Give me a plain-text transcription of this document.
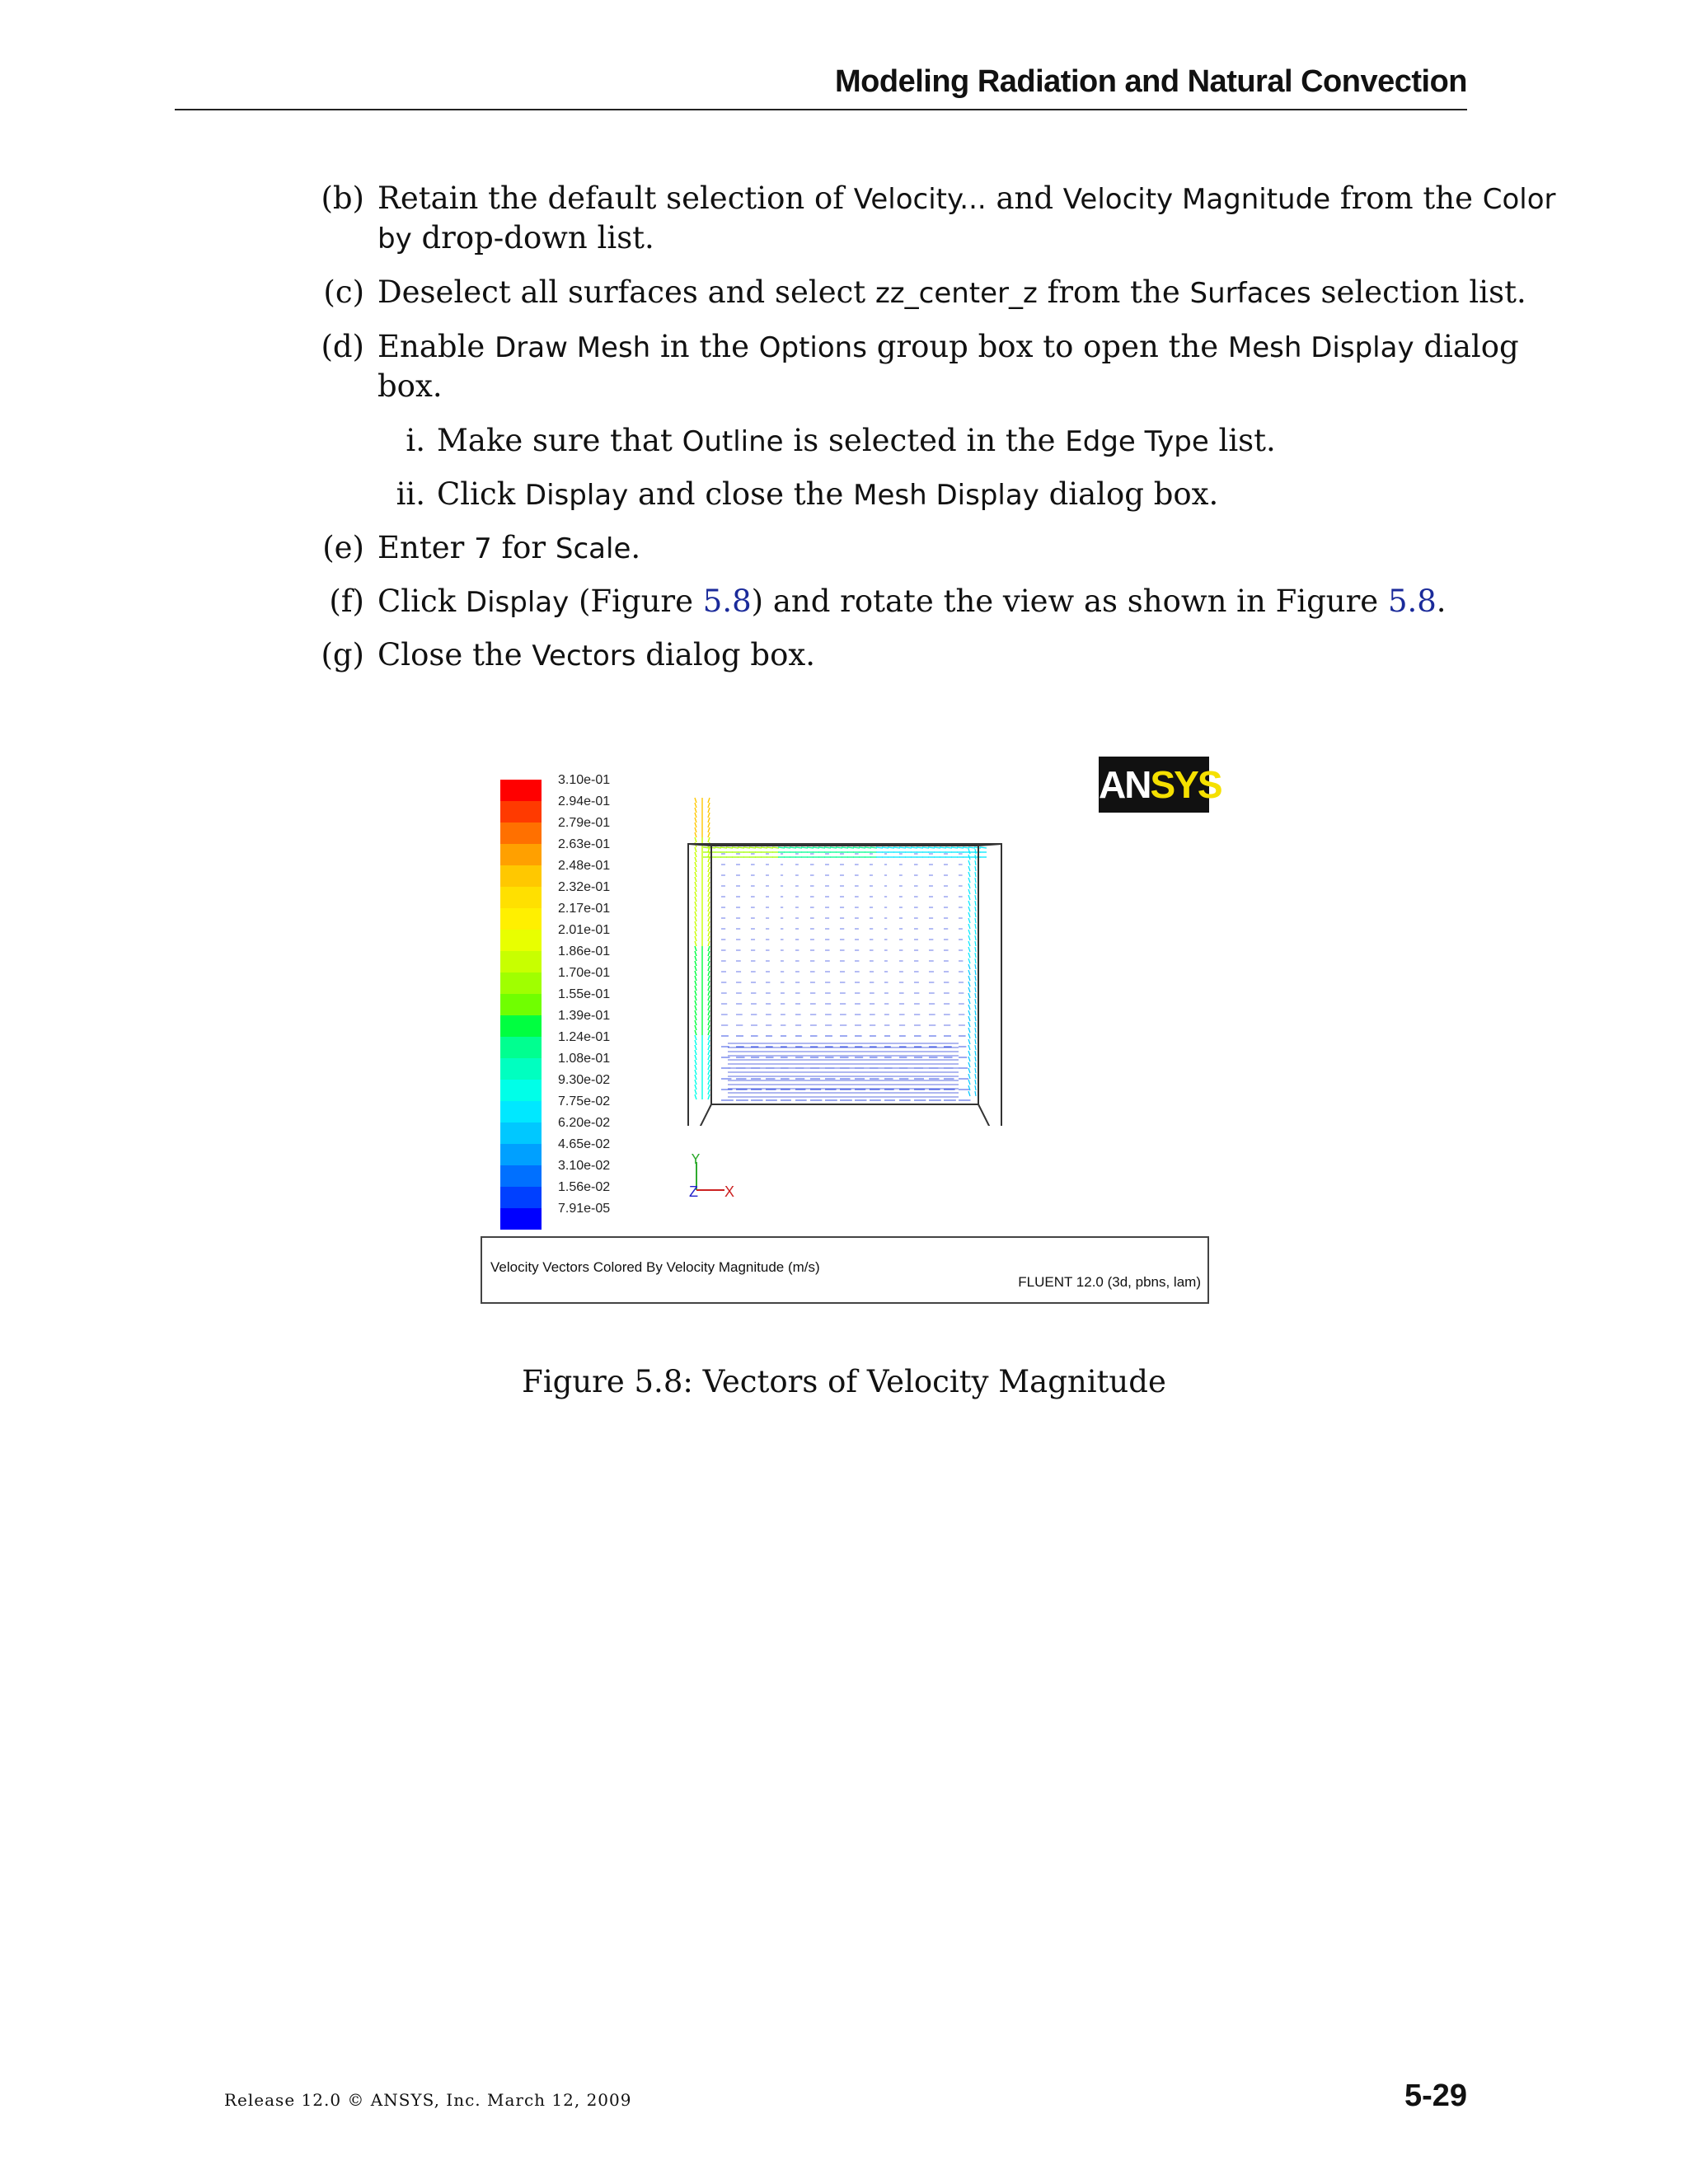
Modeling Radiation and Natural Convection
(b) Retain the default selection of Velocity... and Velocity Magnitude from the Color
by drop-down list.
(c) Deselect all surfaces and select zz_center_z from the Surfaces selection list.
(d) Enable Draw Mesh in the Options group box to open the Mesh Display dialog
box.
i. Make sure that Outline is selected in the Edge Type list.
ii. Click Display and close the Mesh Display dialog box.
(e) Enter 7 for Scale.
(f) Click Display (Figure 5.8) and rotate the view as shown in Figure 5.8.
(g) Close the Vectors dialog box.
3.10e-01
2.94e-01
2.79e-01
2.63e-01
2.48e-01
2.32e-01
2.17e-01
2.01e-01
1.86e-01
1.70e-01
1.55e-01
1.39e-01
1.24e-01
1.08e-01
9.30e-02
7.75e-02
6.20e-02
4.65e-02
3.10e-02
1.56e-02
7.91e-05
ANSYS
Y
Z X
Velocity Vectors Colored By Velocity Magnitude (m/s)
FLUENT 12.0 (3d, pbns, lam)
Figure 5.8: Vectors of Velocity Magnitude
Release 12.0 © ANSYS, Inc. March 12, 2009	5-29
